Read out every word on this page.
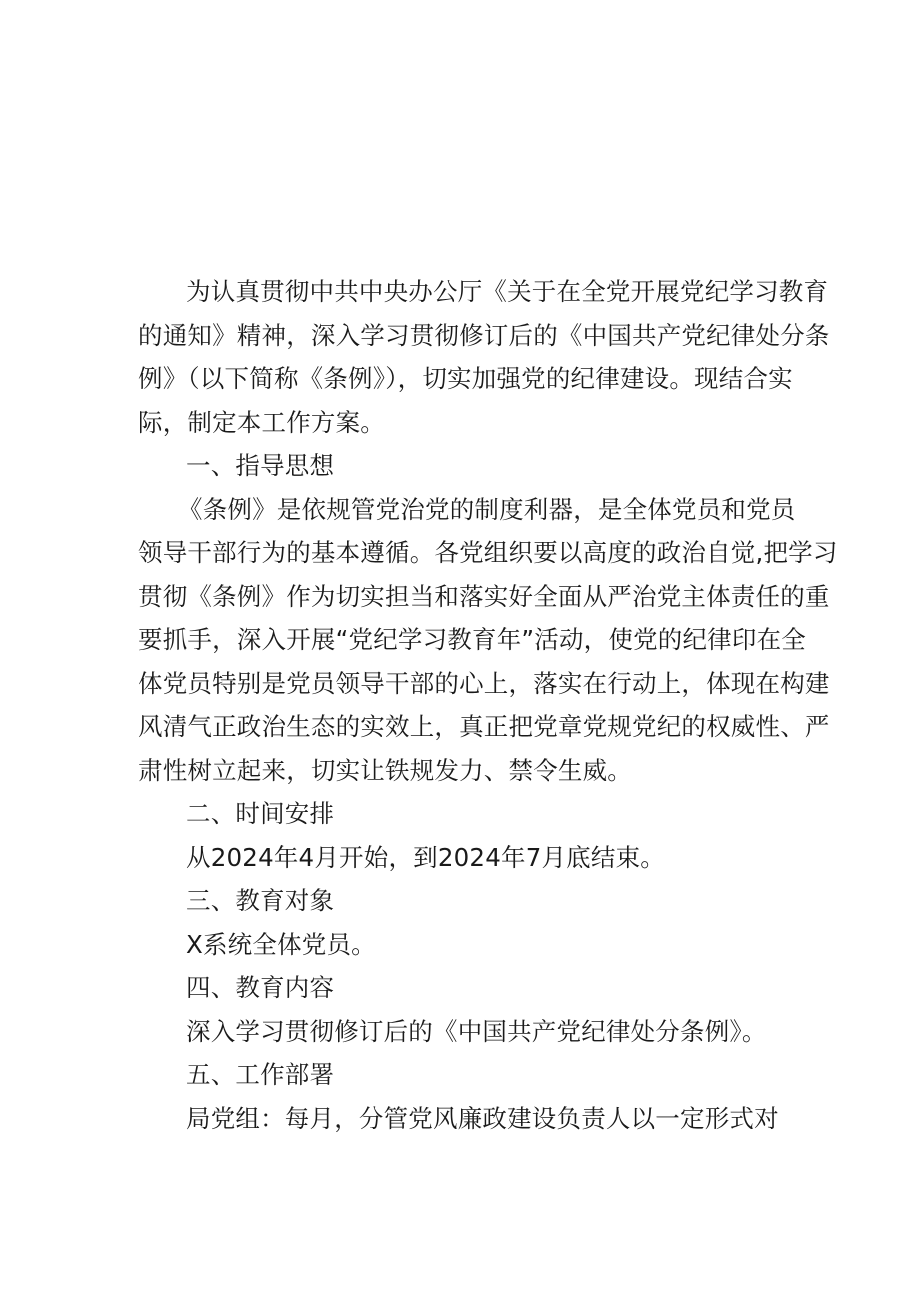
为认真贯彻中共中央办公厅《关于在全党开展党纪学习教育
的通知》精神，深入学习贯彻修订后的《中国共产党纪律处分条
例》（以下简称《条例》），切实加强党的纪律建设。现结合实
际，制定本工作方案。
一、指导思想
《条例》是依规管党治党的制度利器，是全体党员和党员
领导干部行为的基本遵循。各党组织要以高度的政治自觉,把学习
贯彻《条例》作为切实担当和落实好全面从严治党主体责任的重
要抓手，深入开展“党纪学习教育年”活动，使党的纪律印在全
体党员特别是党员领导干部的心上，落实在行动上，体现在构建
风清气正政治生态的实效上，真正把党章党规党纪的权威性、严
肃性树立起来，切实让铁规发力、禁令生威。
二、时间安排
从2024年4月开始，到2024年7月底结束。
三、教育对象
X系统全体党员。
四、教育内容
深入学习贯彻修订后的《中国共产党纪律处分条例》。
五、工作部署
局党组：每月，分管党风廉政建设负责人以一定形式对
